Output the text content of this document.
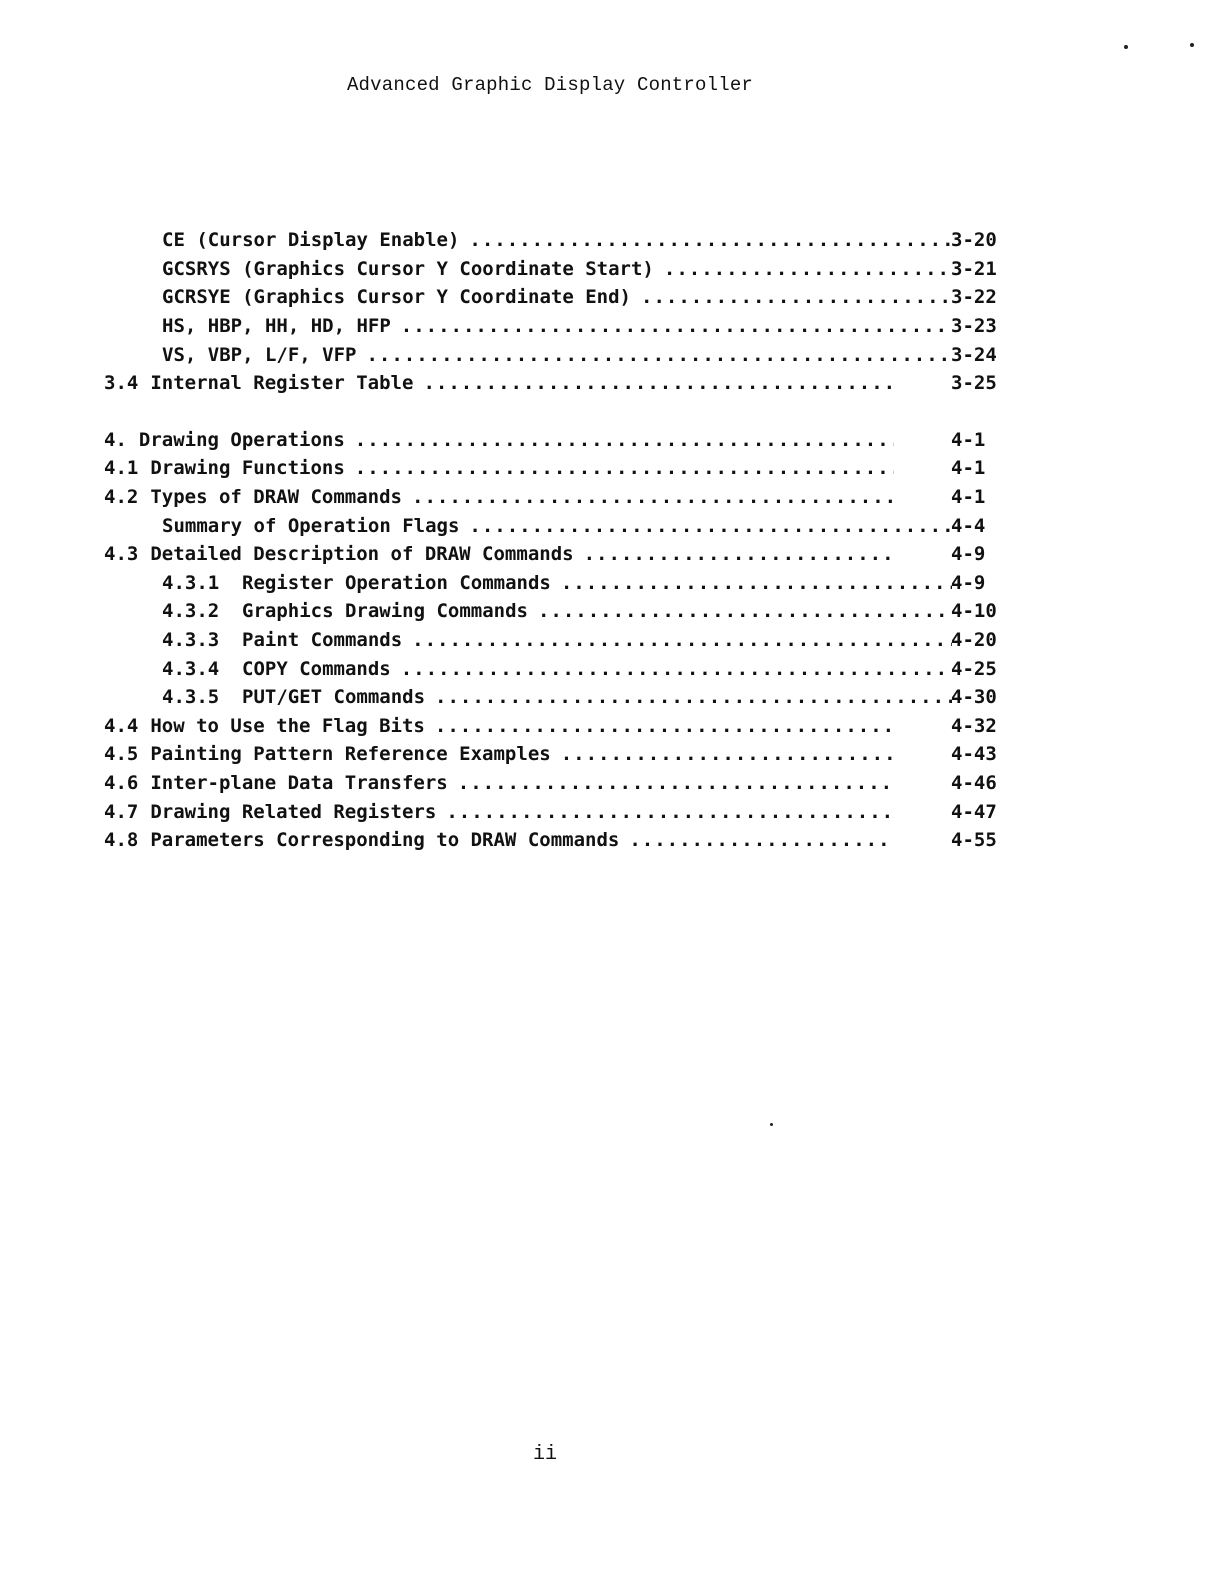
Advanced Graphic Display Controller
CE (Cursor Display Enable) .....	3-20
GCSRYS (Graphics Cursor Y Coordinate Start) .....	3-21
GCRSYE (Graphics Cursor Y Coordinate End) .....	3-22
HS, HBP, HH, HD, HFP .....	3-23
VS, VBP, L/F, VFP .....	3-24
3.4 Internal Register Table .....	3-25
4. Drawing Operations .....	4-1
4.1 Drawing Functions .....	4-1
4.2 Types of DRAW Commands .....	4-1
Summary of Operation Flags .....	4-4
4.3 Detailed Description of DRAW Commands .....	4-9
4.3.1 Register Operation Commands .....	4-9
4.3.2 Graphics Drawing Commands .....	4-10
4.3.3 Paint Commands .....	4-20
4.3.4 COPY Commands .....	4-25
4.3.5 PUT/GET Commands .....	4-30
4.4 How to Use the Flag Bits .....	4-32
4.5 Painting Pattern Reference Examples .....	4-43
4.6 Inter-plane Data Transfers .....	4-46
4.7 Drawing Related Registers .....	4-47
4.8 Parameters Corresponding to DRAW Commands .....	4-55
ii
